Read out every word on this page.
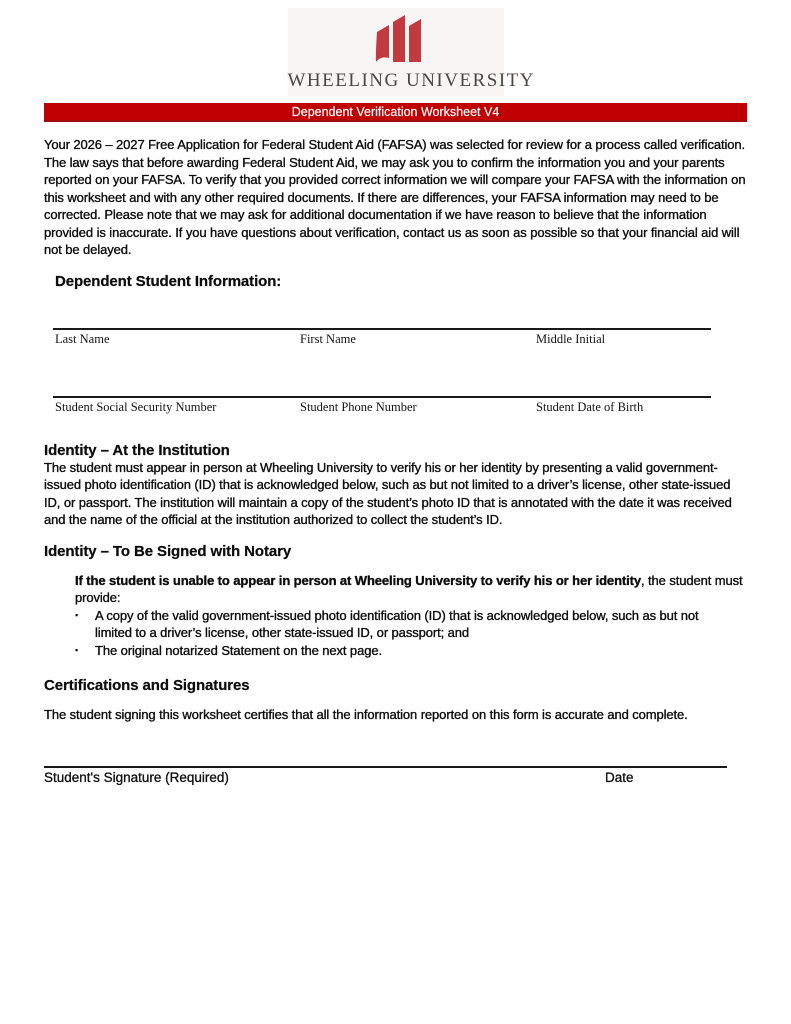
WHEELING UNIVERSITY
Dependent Verification Worksheet V4

Your 2026 – 2027 Free Application for Federal Student Aid (FAFSA) was selected for review for a process called verification. The law says that before awarding Federal Student Aid, we may ask you to confirm the information you and your parents reported on your FAFSA. To verify that you provided correct information we will compare your FAFSA with the information on this worksheet and with any other required documents. If there are differences, your FAFSA information may need to be corrected. Please note that we may ask for additional documentation if we have reason to believe that the information provided is inaccurate. If you have questions about verification, contact us as soon as possible so that your financial aid will not be delayed.

Dependent Student Information:
Last Name	First Name	Middle Initial
Student Social Security Number	Student Phone Number	Student Date of Birth
Identity – At the Institution

The student must appear in person at Wheeling University to verify his or her identity by presenting a valid government-issued photo identification (ID) that is acknowledged below, such as but not limited to a driver’s license, other state-issued ID, or passport. The institution will maintain a copy of the student’s photo ID that is annotated with the date it was received and the name of the official at the institution authorized to collect the student’s ID.

Identity – To Be Signed with Notary

If the student is unable to appear in person at Wheeling University to verify his or her identity, the student must provide:

▪	A copy of the valid government-issued photo identification (ID) that is acknowledged below, such as but not limited to a driver’s license, other state-issued ID, or passport; and
▪	The original notarized Statement on the next page.
Certifications and Signatures

The student signing this worksheet certifies that all the information reported on this form is accurate and complete.

Student's Signature (Required)	Date
